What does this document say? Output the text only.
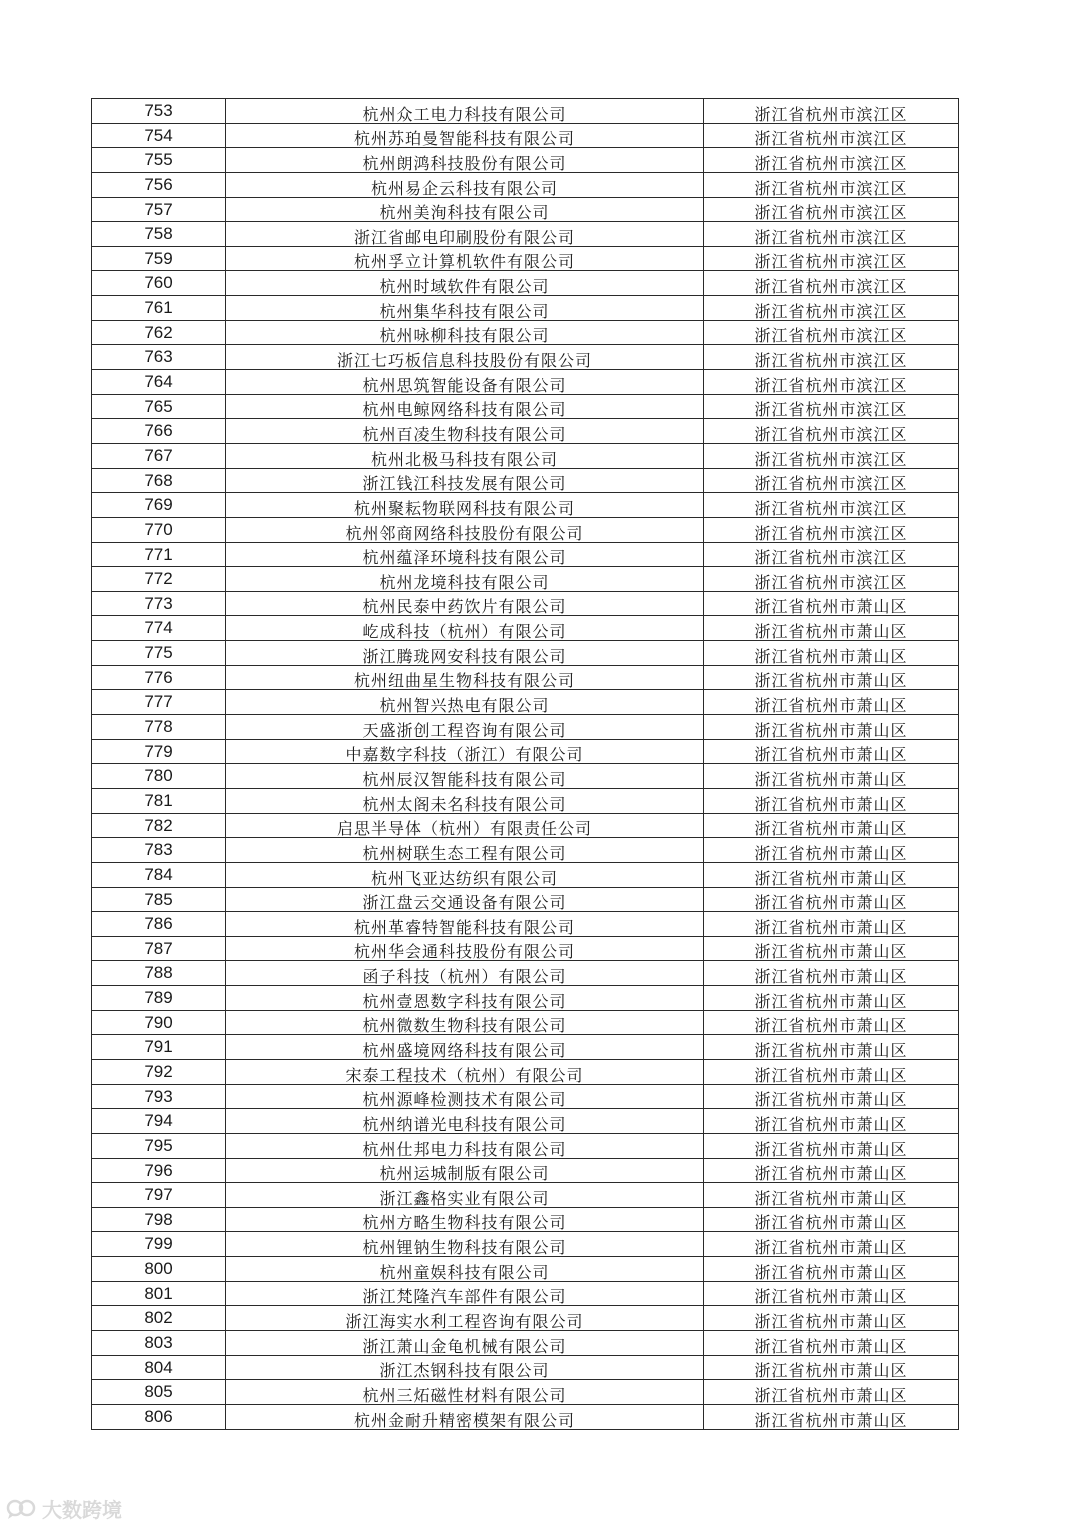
753	杭州众工电力科技有限公司	浙江省杭州市滨江区
754	杭州苏珀曼智能科技有限公司	浙江省杭州市滨江区
755	杭州朗鸿科技股份有限公司	浙江省杭州市滨江区
756	杭州易企云科技有限公司	浙江省杭州市滨江区
757	杭州美洵科技有限公司	浙江省杭州市滨江区
758	浙江省邮电印刷股份有限公司	浙江省杭州市滨江区
759	杭州孚立计算机软件有限公司	浙江省杭州市滨江区
760	杭州时域软件有限公司	浙江省杭州市滨江区
761	杭州集华科技有限公司	浙江省杭州市滨江区
762	杭州咏柳科技有限公司	浙江省杭州市滨江区
763	浙江七巧板信息科技股份有限公司	浙江省杭州市滨江区
764	杭州思筑智能设备有限公司	浙江省杭州市滨江区
765	杭州电鲸网络科技有限公司	浙江省杭州市滨江区
766	杭州百凌生物科技有限公司	浙江省杭州市滨江区
767	杭州北极马科技有限公司	浙江省杭州市滨江区
768	浙江钱江科技发展有限公司	浙江省杭州市滨江区
769	杭州聚耘物联网科技有限公司	浙江省杭州市滨江区
770	杭州邻商网络科技股份有限公司	浙江省杭州市滨江区
771	杭州蕴泽环境科技有限公司	浙江省杭州市滨江区
772	杭州龙境科技有限公司	浙江省杭州市滨江区
773	杭州民泰中药饮片有限公司	浙江省杭州市萧山区
774	屹成科技（杭州）有限公司	浙江省杭州市萧山区
775	浙江腾珑网安科技有限公司	浙江省杭州市萧山区
776	杭州纽曲星生物科技有限公司	浙江省杭州市萧山区
777	杭州智兴热电有限公司	浙江省杭州市萧山区
778	天盛浙创工程咨询有限公司	浙江省杭州市萧山区
779	中嘉数字科技（浙江）有限公司	浙江省杭州市萧山区
780	杭州辰汉智能科技有限公司	浙江省杭州市萧山区
781	杭州太阁未名科技有限公司	浙江省杭州市萧山区
782	启思半导体（杭州）有限责任公司	浙江省杭州市萧山区
783	杭州树联生态工程有限公司	浙江省杭州市萧山区
784	杭州飞亚达纺织有限公司	浙江省杭州市萧山区
785	浙江盘云交通设备有限公司	浙江省杭州市萧山区
786	杭州革睿特智能科技有限公司	浙江省杭州市萧山区
787	杭州华会通科技股份有限公司	浙江省杭州市萧山区
788	函子科技（杭州）有限公司	浙江省杭州市萧山区
789	杭州壹恩数字科技有限公司	浙江省杭州市萧山区
790	杭州微数生物科技有限公司	浙江省杭州市萧山区
791	杭州盛境网络科技有限公司	浙江省杭州市萧山区
792	宋泰工程技术（杭州）有限公司	浙江省杭州市萧山区
793	杭州源峰检测技术有限公司	浙江省杭州市萧山区
794	杭州纳谱光电科技有限公司	浙江省杭州市萧山区
795	杭州仕邦电力科技有限公司	浙江省杭州市萧山区
796	杭州运城制版有限公司	浙江省杭州市萧山区
797	浙江鑫格实业有限公司	浙江省杭州市萧山区
798	杭州方略生物科技有限公司	浙江省杭州市萧山区
799	杭州锂钠生物科技有限公司	浙江省杭州市萧山区
800	杭州童娱科技有限公司	浙江省杭州市萧山区
801	浙江梵隆汽车部件有限公司	浙江省杭州市萧山区
802	浙江海实水利工程咨询有限公司	浙江省杭州市萧山区
803	浙江萧山金龟机械有限公司	浙江省杭州市萧山区
804	浙江杰钢科技有限公司	浙江省杭州市萧山区
805	杭州三炻磁性材料有限公司	浙江省杭州市萧山区
806	杭州金耐升精密模架有限公司	浙江省杭州市萧山区
大数跨境
